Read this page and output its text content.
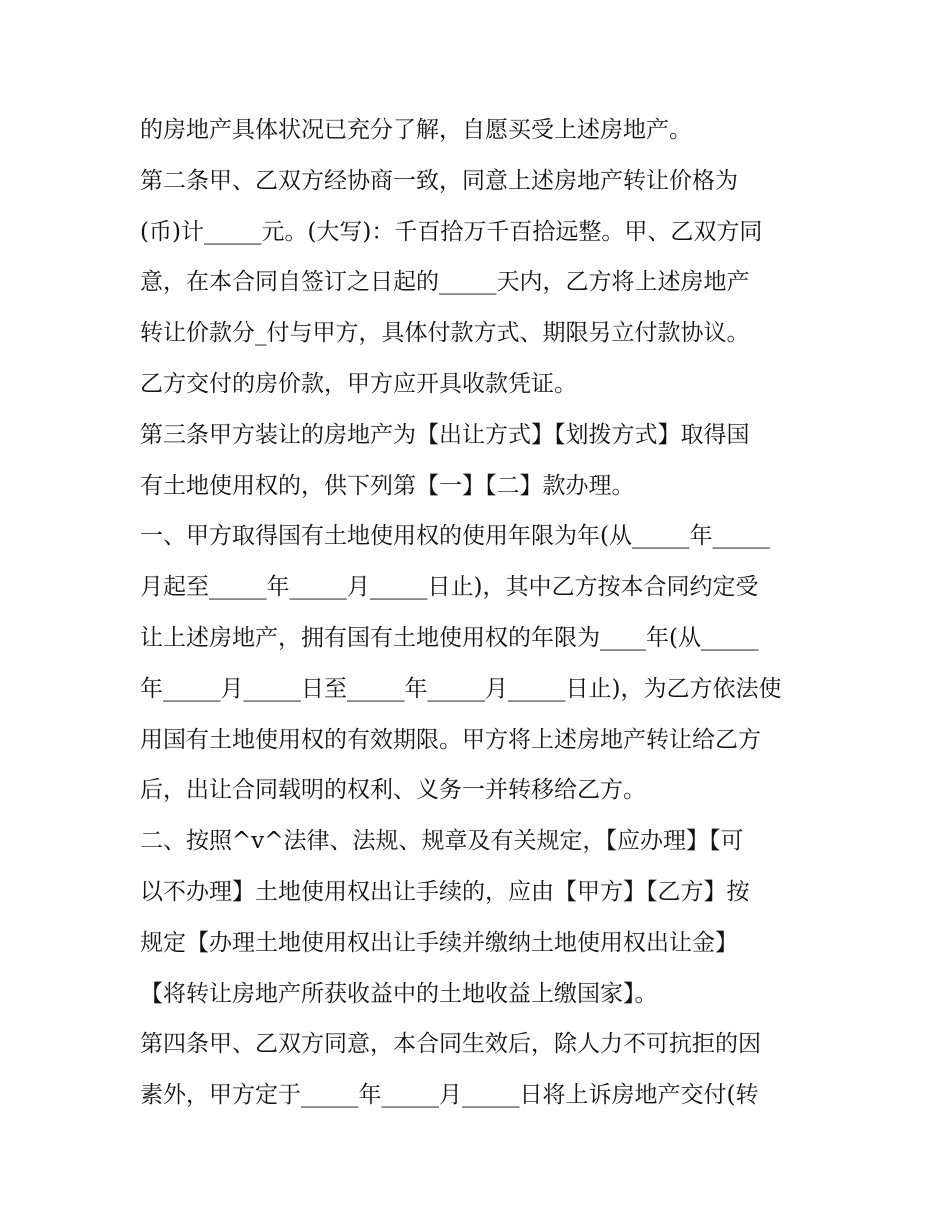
的房地产具体状况已充分了解，自愿买受上述房地产。
第二条甲、乙双方经协商一致，同意上述房地产转让价格为
(币)计_____元。(大写)：千百拾万千百拾远整。甲、乙双方同
意，在本合同自签订之日起的_____天内，乙方将上述房地产
转让价款分_付与甲方，具体付款方式、期限另立付款协议。
乙方交付的房价款，甲方应开具收款凭证。
第三条甲方装让的房地产为【出让方式】【划拨方式】取得国
有土地使用权的，供下列第【一】【二】款办理。
一、甲方取得国有土地使用权的使用年限为年(从_____年_____
月起至_____年_____月_____日止)，其中乙方按本合同约定受
让上述房地产，拥有国有土地使用权的年限为____年(从_____
年_____月_____日至_____年_____月_____日止)，为乙方依法使
用国有土地使用权的有效期限。甲方将上述房地产转让给乙方
后，出让合同载明的权利、义务一并转移给乙方。
二、按照^v^法律、法规、规章及有关规定，【应办理】【可
以不办理】土地使用权出让手续的，应由【甲方】【乙方】按
规定【办理土地使用权出让手续并缴纳土地使用权出让金】
【将转让房地产所获收益中的土地收益上缴国家】。
第四条甲、乙双方同意，本合同生效后，除人力不可抗拒的因
素外，甲方定于_____年_____月_____日将上诉房地产交付(转
